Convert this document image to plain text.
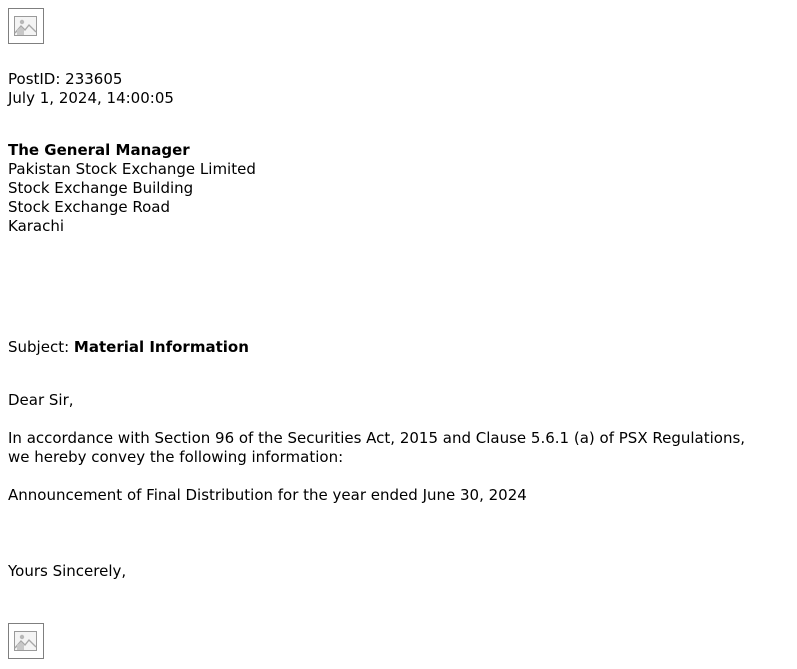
PostID: 233605
July 1, 2024, 14:00:05
The General Manager
Pakistan Stock Exchange Limited
Stock Exchange Building
Stock Exchange Road
Karachi
Subject: Material Information
Dear Sir,
In accordance with Section 96 of the Securities Act, 2015 and Clause 5.6.1 (a) of PSX Regulations,
we hereby convey the following information:
Announcement of Final Distribution for the year ended June 30, 2024
Yours Sincerely,
